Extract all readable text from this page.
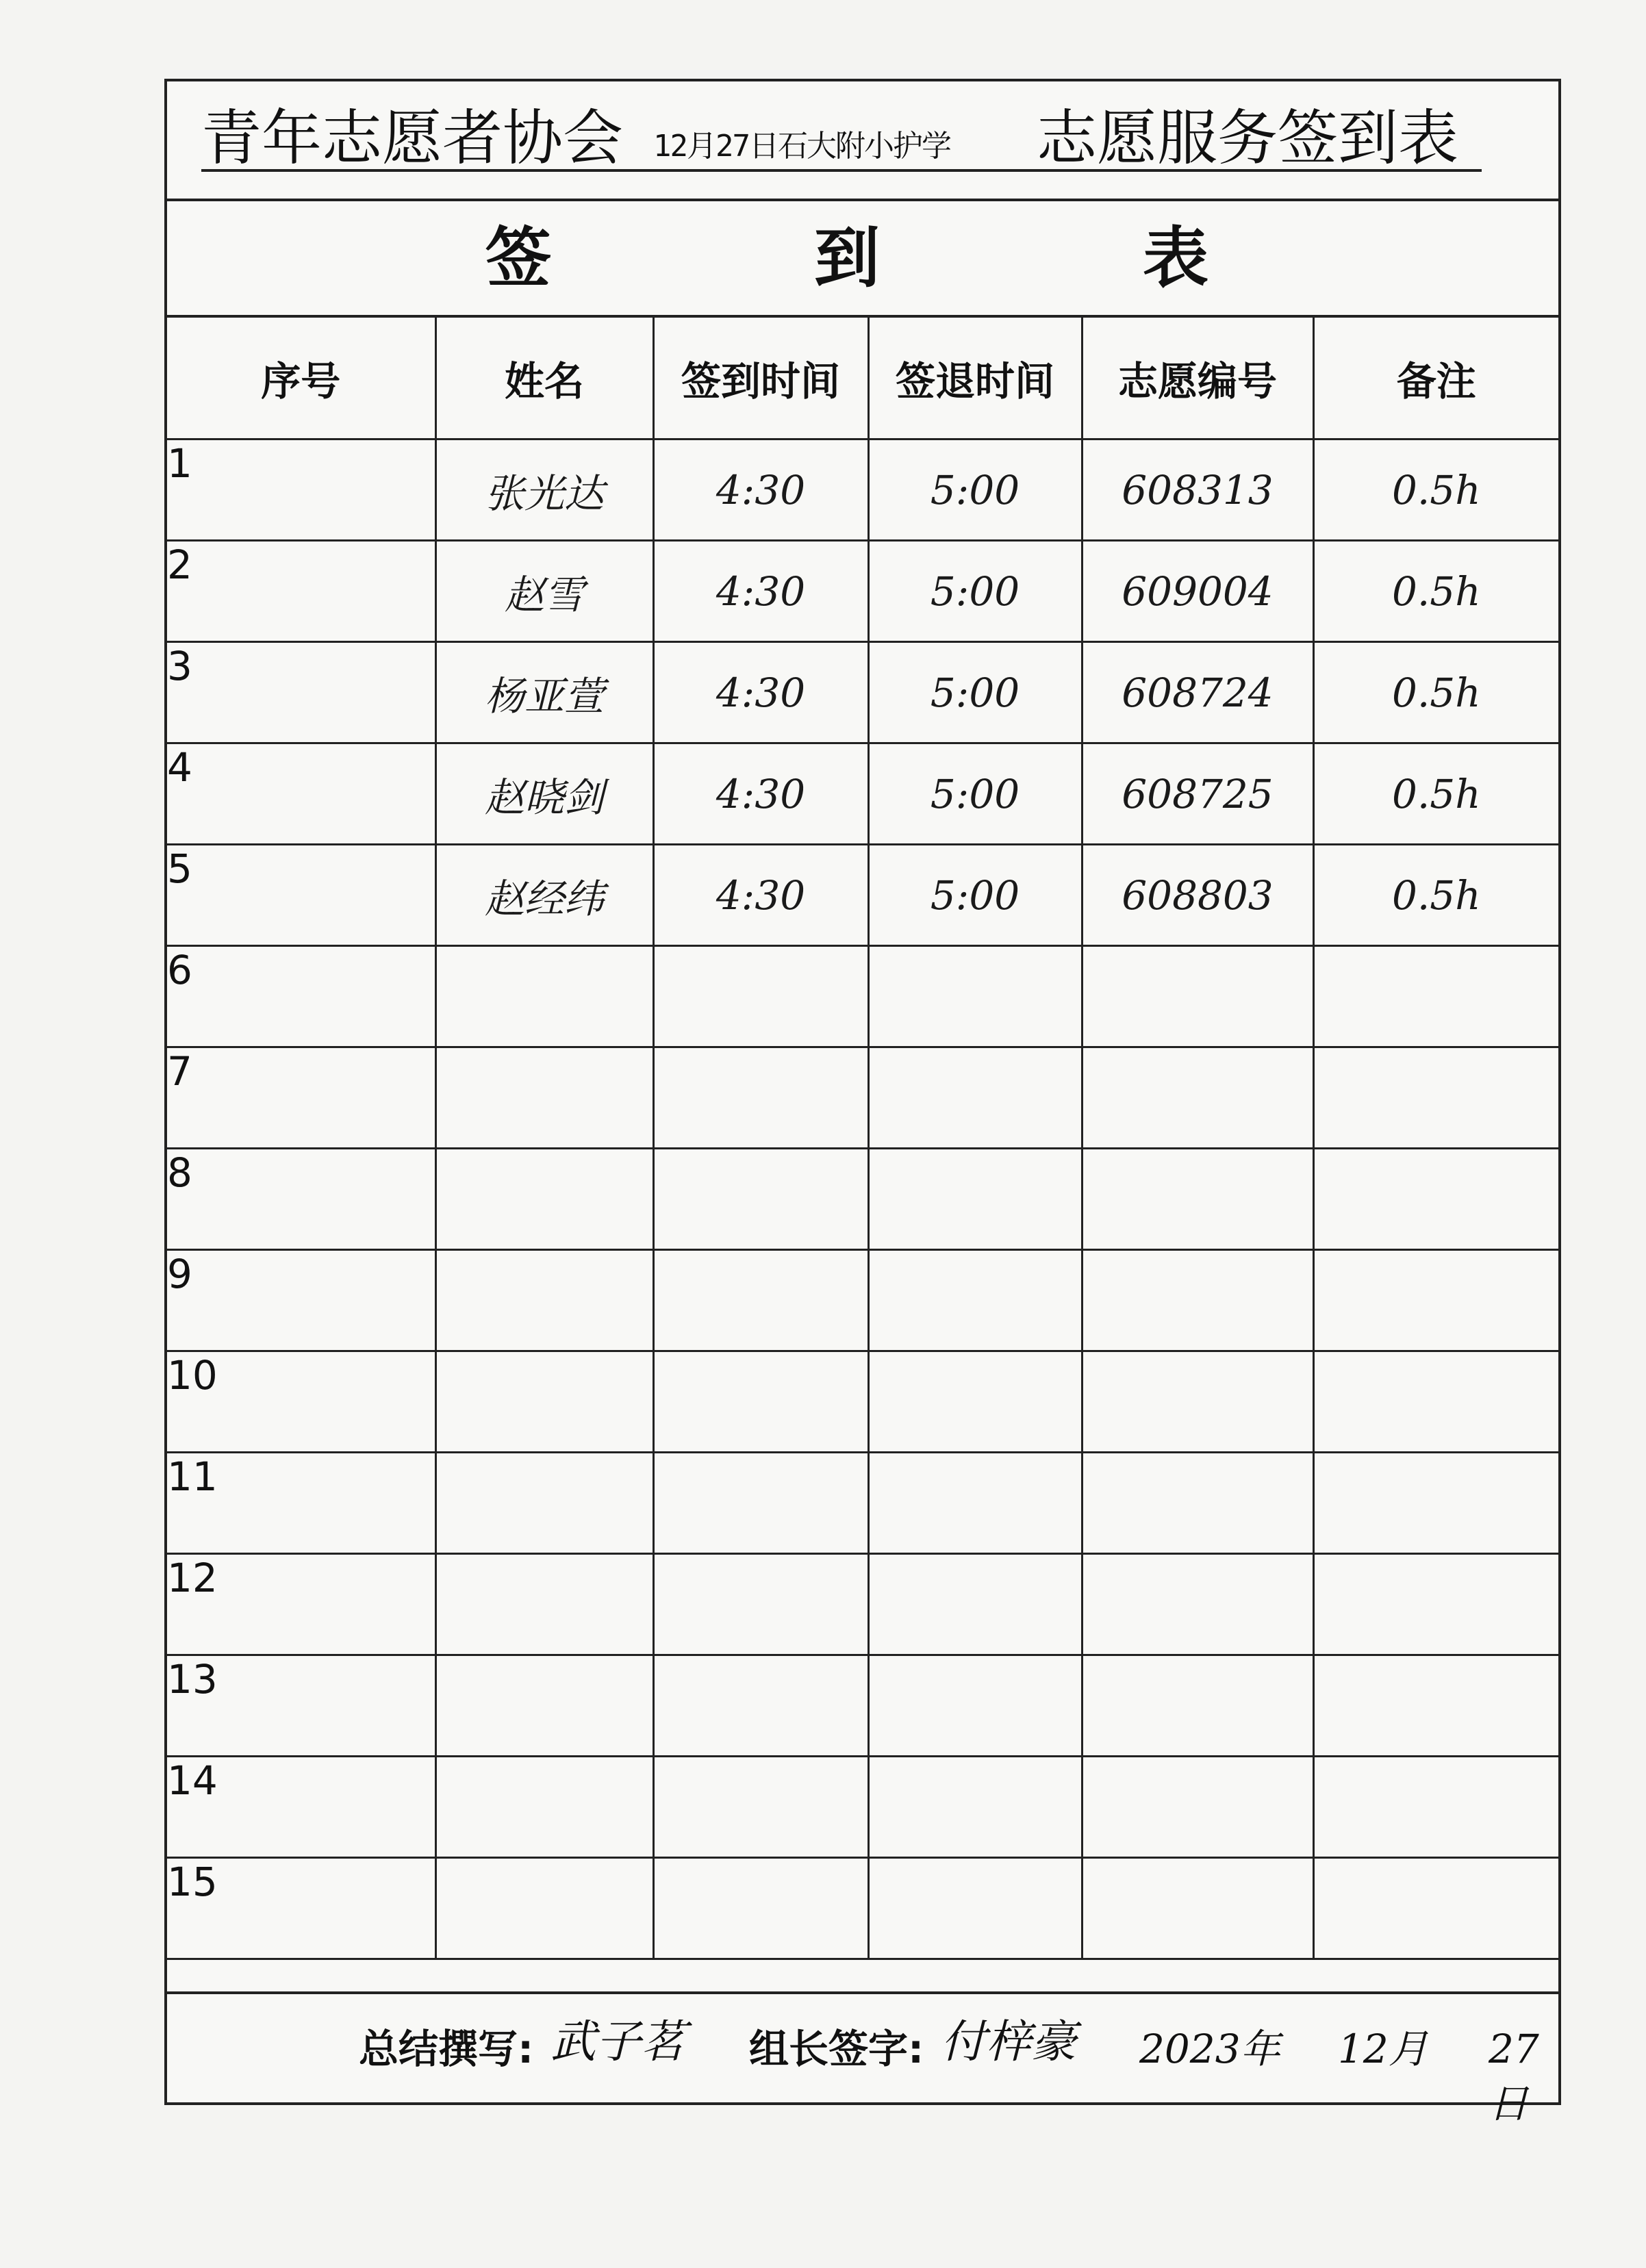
青年志愿者协会 12月27日石大附小护学 志愿服务签到表
签	到	表
序号	姓名	签到时间	签退时间	志愿编号	备注
1	张光达	4:30	5:00	608313	0.5h
2	赵雪	4:30	5:00	609004	0.5h
3	杨亚萱	4:30	5:00	608724	0.5h
4	赵晓剑	4:30	5:00	608725	0.5h
5	赵经纬	4:30	5:00	608803	0.5h
6					
7					
8					
9					
10					
11					
12					
13					
14					
15					
总结撰写: 武子茗 组长签字: 付梓豪 2023年 12月 27日
